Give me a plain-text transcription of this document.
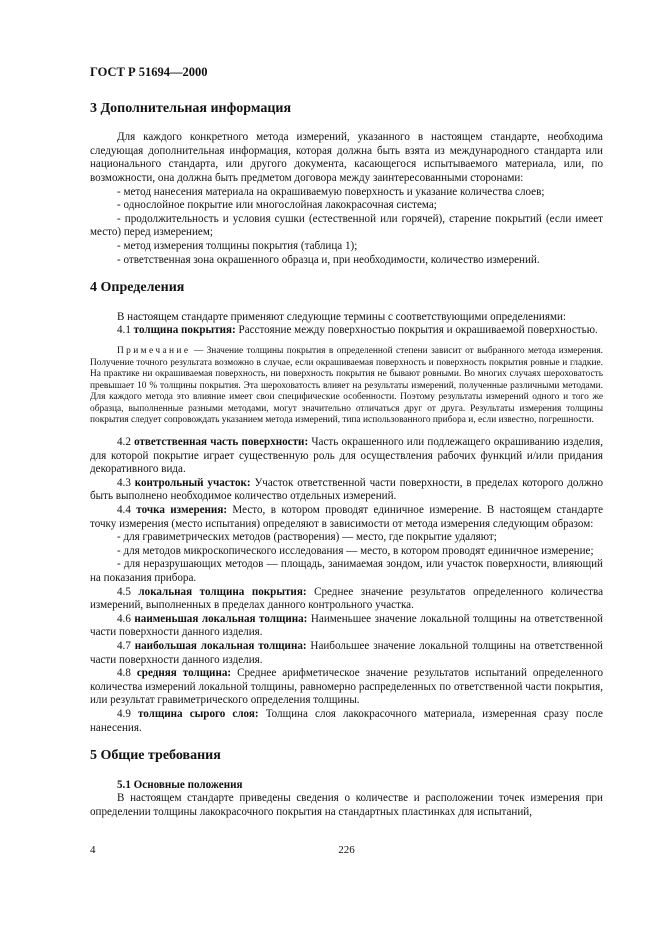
ГОСТ Р 51694—2000
3 Дополнительная информация

Для каждого конкретного метода измерений, указанного в настоящем стандарте, необходима следующая дополнительная информация, которая должна быть взята из международного стандарта или национального стандарта, или другого документа, касающегося испытываемого материала, или, по возможности, она должна быть предметом договора между заинтересованными сторонами:

- метод нанесения материала на окрашиваемую поверхность и указание количества слоев;

- однослойное покрытие или многослойная лакокрасочная система;

- продолжительность и условия сушки (естественной или горячей), старение покрытий (если имеет место) перед измерением;

- метод измерения толщины покрытия (таблица 1);

- ответственная зона окрашенного образца и, при необходимости, количество измерений.

4 Определения

В настоящем стандарте применяют следующие термины с соответствующими определениями:

4.1 толщина покрытия: Расстояние между поверхностью покрытия и окрашиваемой поверхностью.

Примечание — Значение толщины покрытия в определенной степени зависит от выбранного метода измерения. Получение точного результата возможно в случае, если окрашиваемая поверхность и поверхность покрытия ровные и гладкие. На практике ни окрашиваемая поверхность, ни поверхность покрытия не бывают ровными. Во многих случаях шероховатость превышает 10 % толщины покрытия. Эта шероховатость влияет на результаты измерений, полученные различными методами. Для каждого метода это влияние имеет свои специфические особенности. Поэтому результаты измерений одного и того же образца, выполненные разными методами, могут значительно отличаться друг от друга. Результаты измерения толщины покрытия следует сопровождать указанием метода измерений, типа использованного прибора и, если известно, погрешности.

4.2 ответственная часть поверхности: Часть окрашенного или подлежащего окрашиванию изделия, для которой покрытие играет существенную роль для осуществления рабочих функций и/или придания декоративного вида.

4.3 контрольный участок: Участок ответственной части поверхности, в пределах которого должно быть выполнено необходимое количество отдельных измерений.

4.4 точка измерения: Место, в котором проводят единичное измерение. В настоящем стандарте точку измерения (место испытания) определяют в зависимости от метода измерения следующим образом:

- для гравиметрических методов (растворения) — место, где покрытие удаляют;

- для методов микроскопического исследования — место, в котором проводят единичное измерение;

- для неразрушающих методов — площадь, занимаемая зондом, или участок поверхности, влияющий на показания прибора.

4.5 локальная толщина покрытия: Среднее значение результатов определенного количества измерений, выполненных в пределах данного контрольного участка.

4.6 наименьшая локальная толщина: Наименьшее значение локальной толщины на ответственной части поверхности данного изделия.

4.7 наибольшая локальная толщина: Наибольшее значение локальной толщины на ответственной части поверхности данного изделия.

4.8 средняя толщина: Среднее арифметическое значение результатов испытаний определенного количества измерений локальной толщины, равномерно распределенных по ответственной части покрытия, или результат гравиметрического определения толщины.

4.9 толщина сырого слоя: Толщина слоя лакокрасочного материала, измеренная сразу после нанесения.

5 Общие требования

5.1 Основные положения

В настоящем стандарте приведены сведения о количестве и расположении точек измерения при определении толщины лакокрасочного покрытия на стандартных пластинках для испытаний,

4	226
